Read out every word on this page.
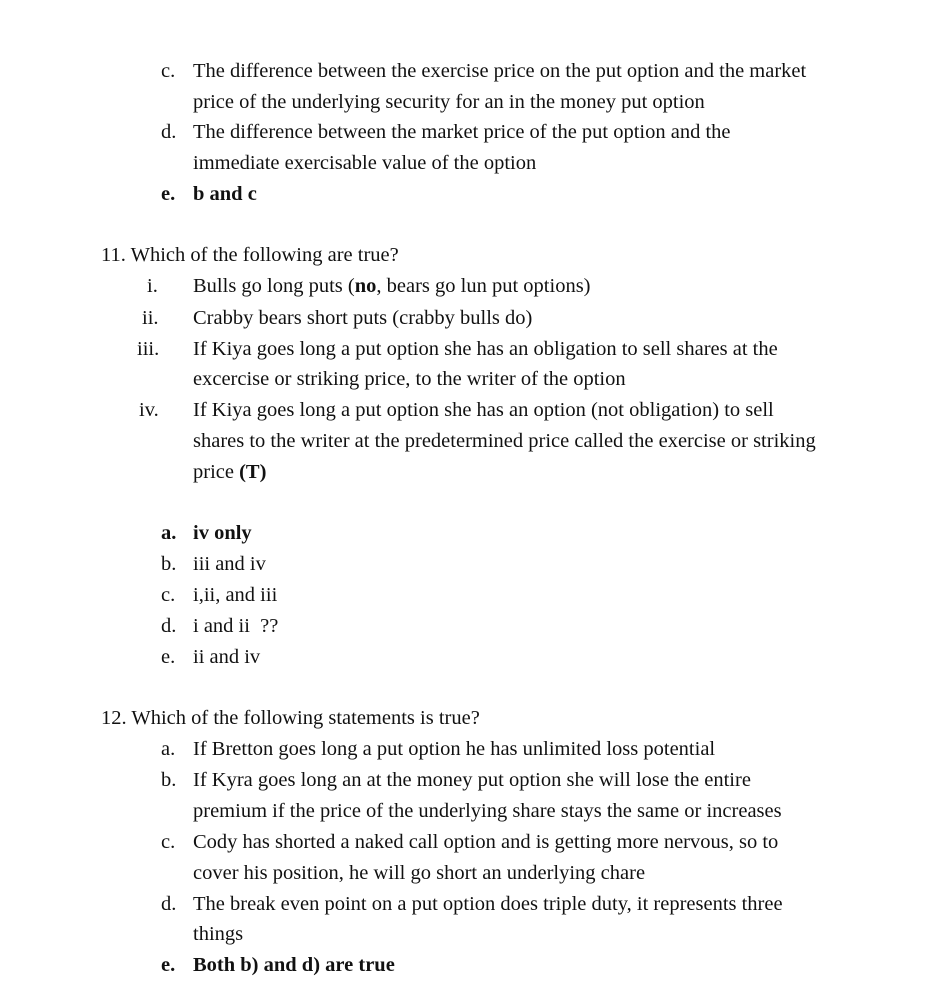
c. The difference between the exercise price on the put option and the market
price of the underlying security for an in the money put option
d. The difference between the market price of the put option and the
immediate exercisable value of the option
e. b and c
11. Which of the following are true?
i. Bulls go long puts (no, bears go lun put options)
ii. Crabby bears short puts (crabby bulls do)
iii. If Kiya goes long a put option she has an obligation to sell shares at the
excercise or striking price, to the writer of the option
iv. If Kiya goes long a put option she has an option (not obligation) to sell
shares to the writer at the predetermined price called the exercise or striking
price (T)
a. iv only
b. iii and iv
c. i,ii, and iii
d. i and ii  ??
e. ii and iv
12. Which of the following statements is true?
a. If Bretton goes long a put option he has unlimited loss potential
b. If Kyra goes long an at the money put option she will lose the entire
premium if the price of the underlying share stays the same or increases
c. Cody has shorted a naked call option and is getting more nervous, so to
cover his position, he will go short an underlying chare
d. The break even point on a put option does triple duty, it represents three
things
e. Both b) and d) are true
